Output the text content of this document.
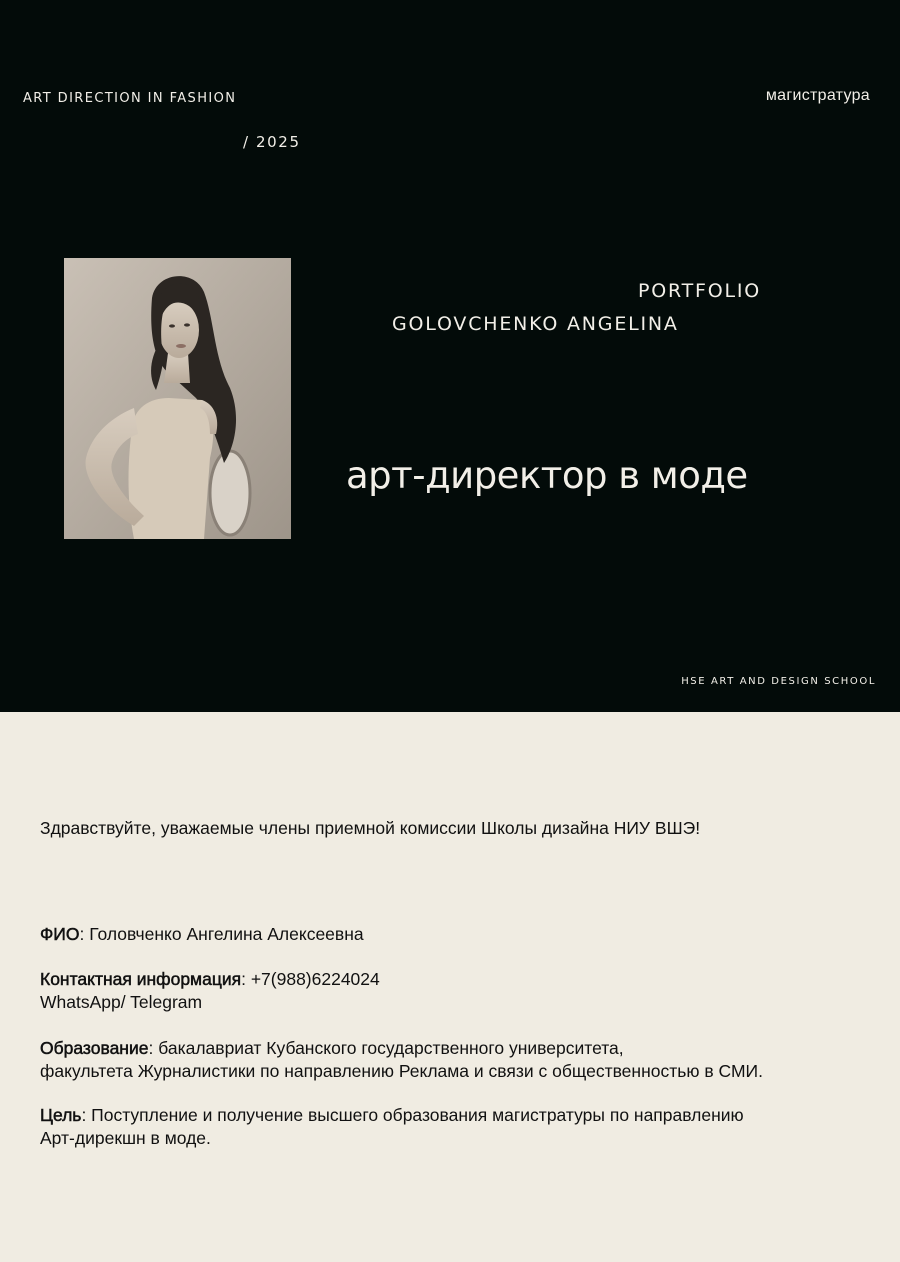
ART DIRECTION IN FASHION
/ 2025
магистратура
PORTFOLIO
GOLOVCHENKO ANGELINA
арт-директор в моде
HSE ART AND DESIGN SCHOOL
Здравствуйте, уважаемые члены приемной комиссии Школы дизайна НИУ ВШЭ!
ФИО: Головченко Ангелина Алексеевна
Контактная информация: +7(988)6224024
WhatsApp/ Telegram
Образование: бакалавриат Кубанского государственного университета,
факультета Журналистики по направлению Реклама и связи с общественностью в СМИ.
Цель: Поступление и получение высшего образования магистратуры по направлению
Арт-дирекшн в моде.
